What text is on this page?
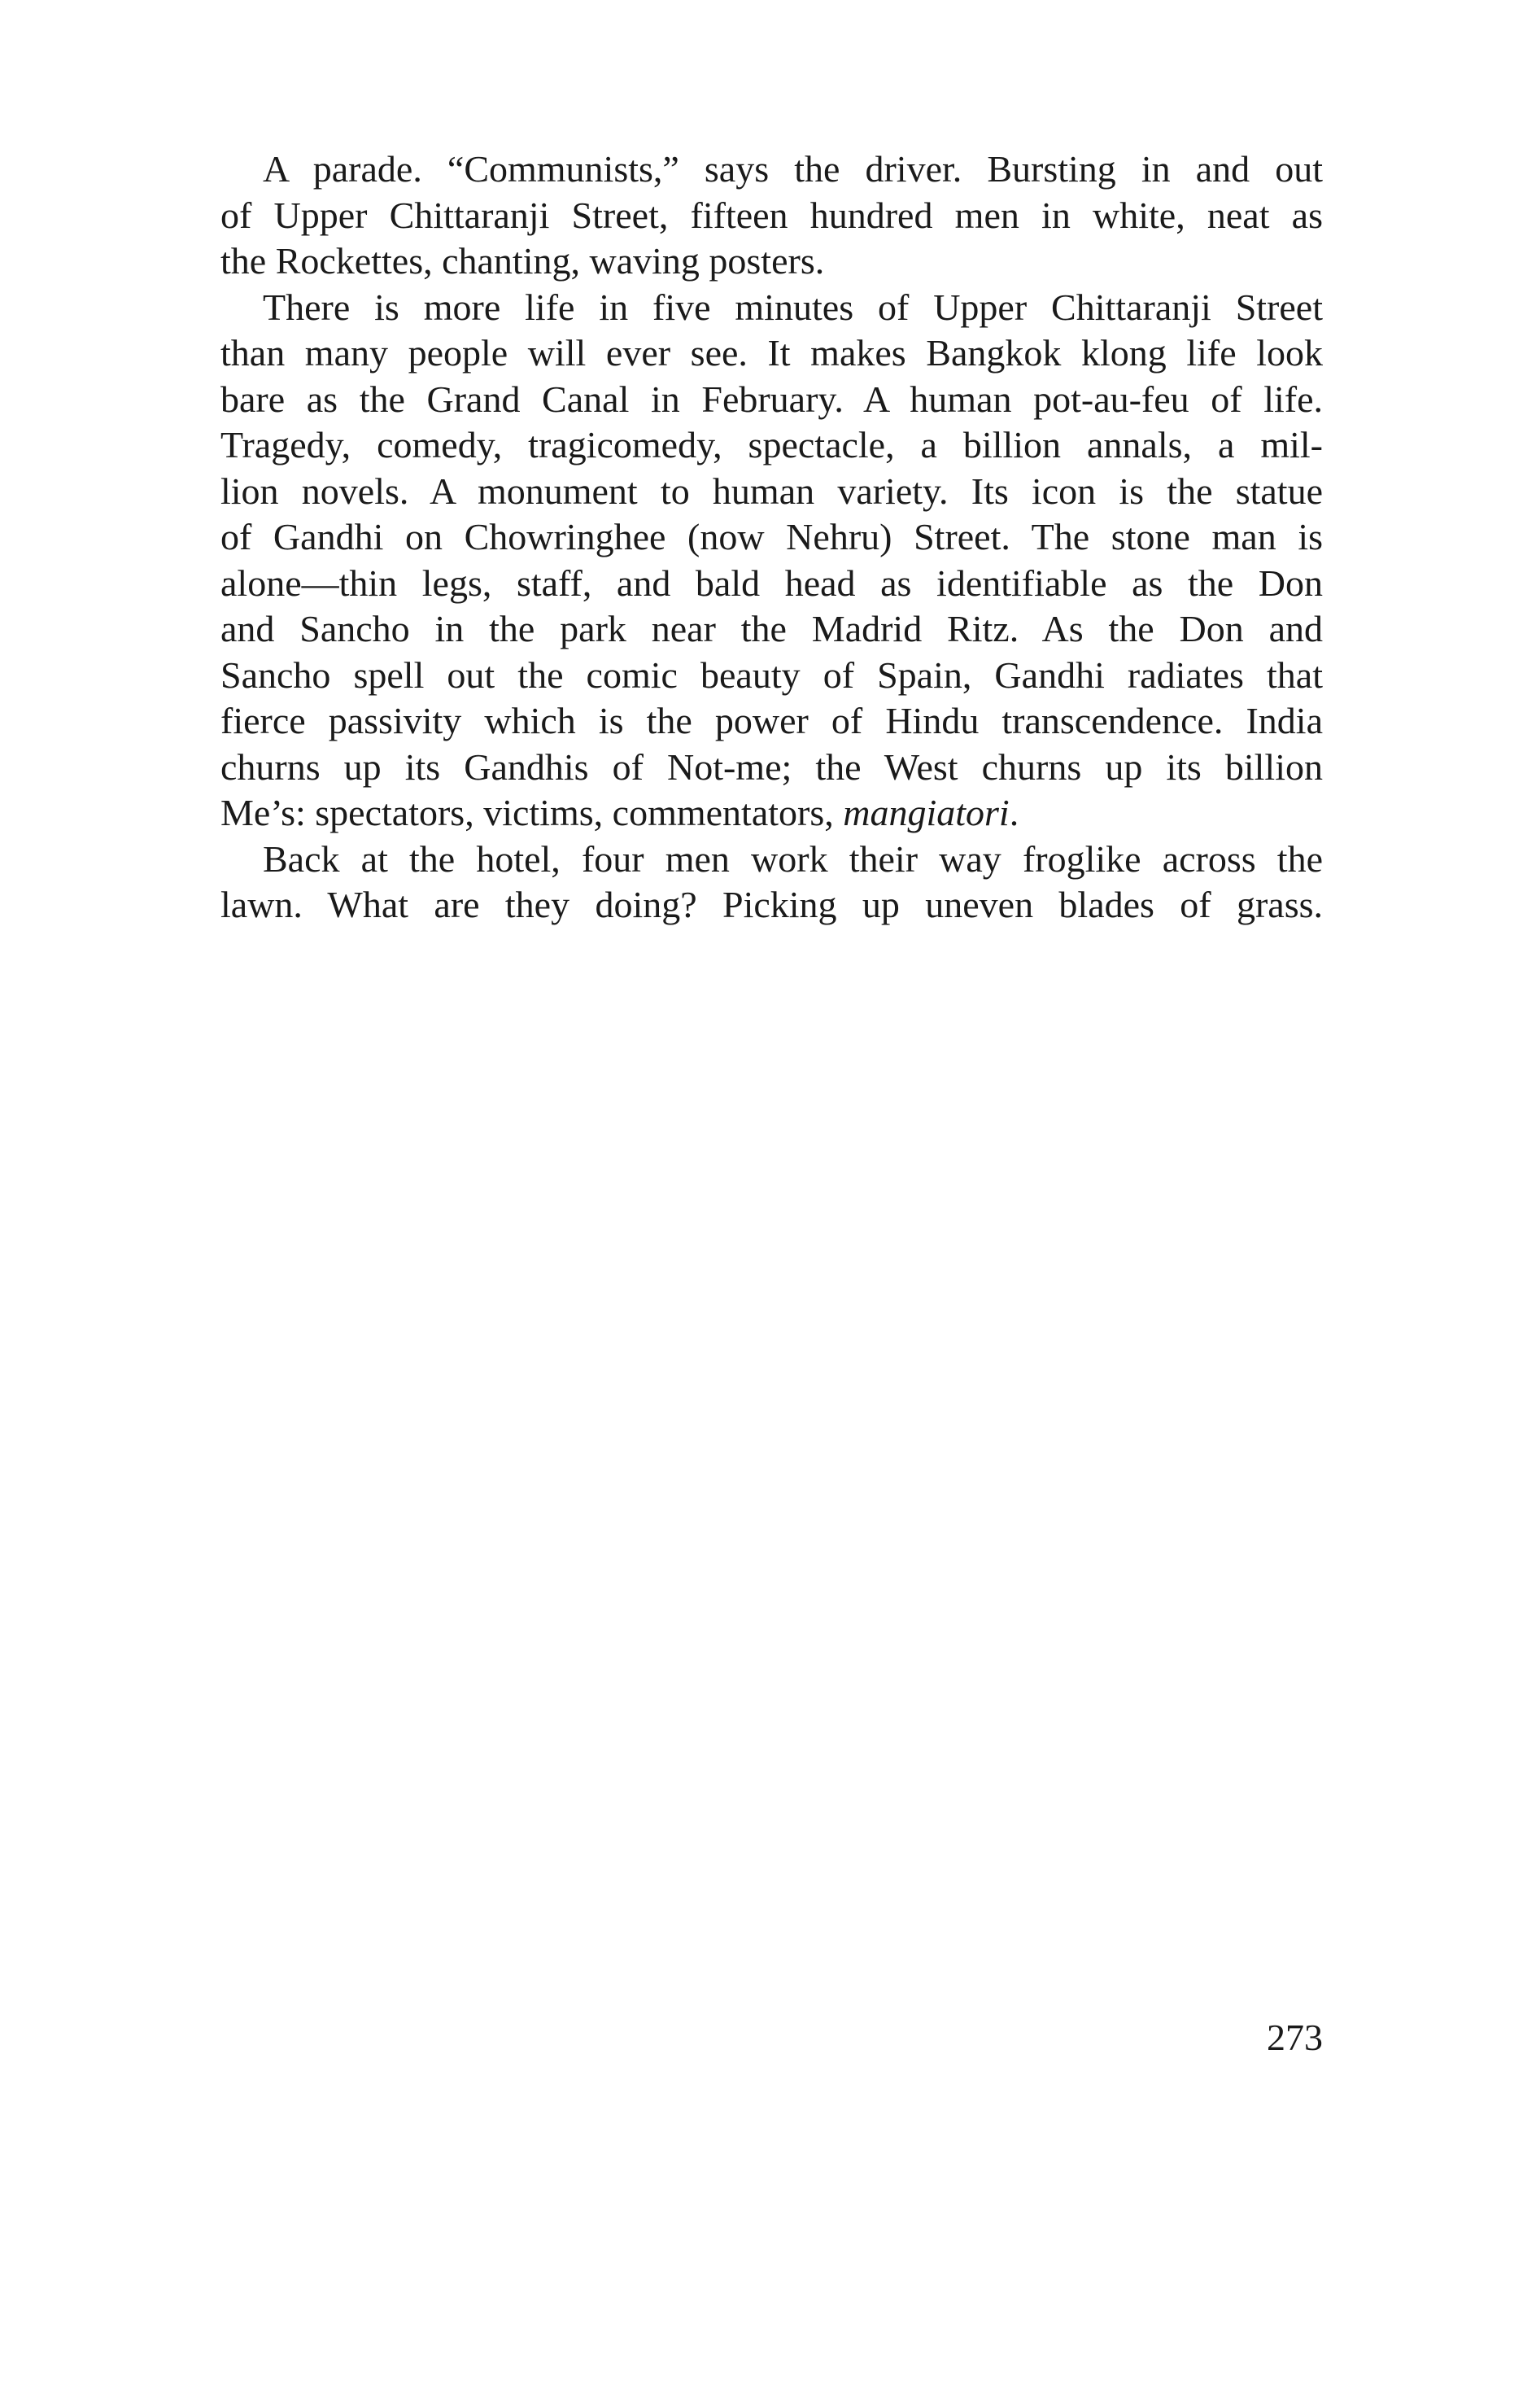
A parade. “Communists,” says the driver. Bursting in and out
of Upper Chittaranji Street, fifteen hundred men in white, neat as
the Rockettes, chanting, waving posters.
There is more life in five minutes of Upper Chittaranji Street
than many people will ever see. It makes Bangkok klong life look
bare as the Grand Canal in February. A human pot-au-feu of life.
Tragedy, comedy, tragicomedy, spectacle, a billion annals, a mil-
lion novels. A monument to human variety. Its icon is the statue
of Gandhi on Chowringhee (now Nehru) Street. The stone man is
alone—thin legs, staff, and bald head as identifiable as the Don
and Sancho in the park near the Madrid Ritz. As the Don and
Sancho spell out the comic beauty of Spain, Gandhi radiates that
fierce passivity which is the power of Hindu transcendence. India
churns up its Gandhis of Not-me; the West churns up its billion
Me’s: spectators, victims, commentators, mangiatori.
Back at the hotel, four men work their way froglike across the
lawn. What are they doing? Picking up uneven blades of grass.
273
